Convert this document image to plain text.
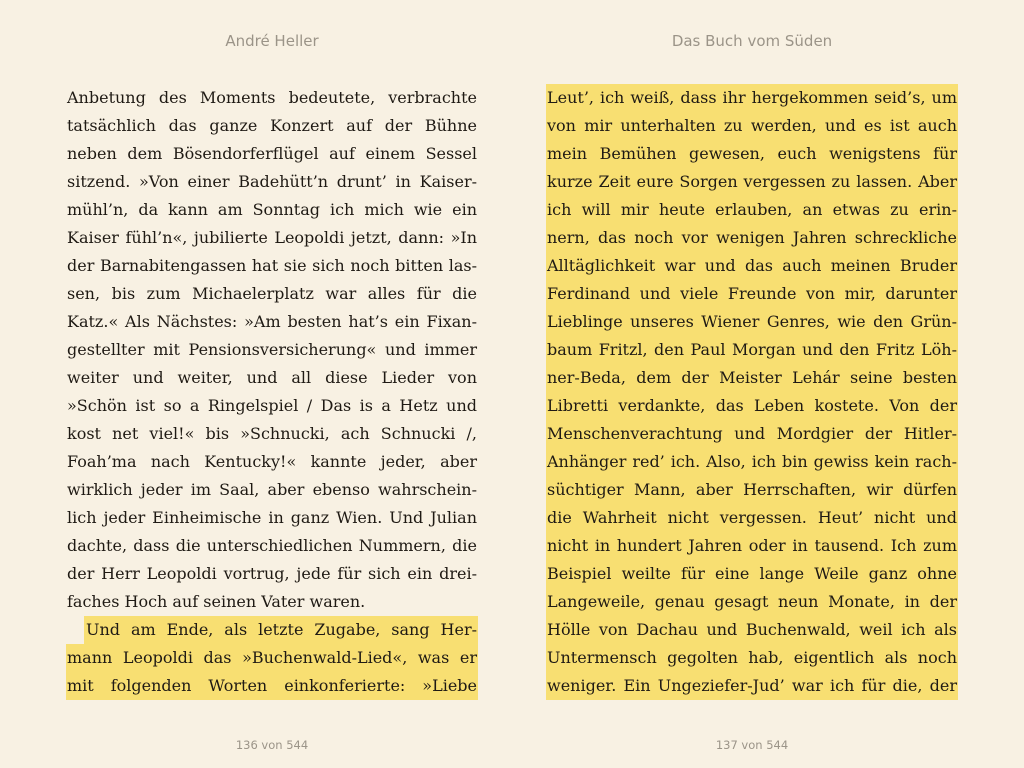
André Heller
Anbetung des Moments bedeutete, verbrachte
tatsächlich das ganze Konzert auf der Bühne
neben dem Bösendorferflügel auf einem Sessel
sitzend. »Von einer Badehütt’n drunt’ in Kaiser-
mühl’n, da kann am Sonntag ich mich wie ein
Kaiser fühl’n«, jubilierte Leopoldi jetzt, dann: »In
der Barnabitengassen hat sie sich noch bitten las-
sen, bis zum Michaelerplatz war alles für die
Katz.« Als Nächstes: »Am besten hat’s ein Fixan-
gestellter mit Pensionsversicherung« und immer
weiter und weiter, und all diese Lieder von
»Schön ist so a Ringelspiel / Das is a Hetz und
kost net viel!« bis »Schnucki, ach Schnucki /,
Foah’ma nach Kentucky!« kannte jeder, aber
wirklich jeder im Saal, aber ebenso wahrschein-
lich jeder Einheimische in ganz Wien. Und Julian
dachte, dass die unterschiedlichen Nummern, die
der Herr Leopoldi vortrug, jede für sich ein drei-
faches Hoch auf seinen Vater waren.
Und am Ende, als letzte Zugabe, sang Her-
mann Leopoldi das »Buchenwald-Lied«, was er
mit folgenden Worten einkonferierte: »Liebe
136 von 544
Das Buch vom Süden
Leut’, ich weiß, dass ihr hergekommen seid’s, um
von mir unterhalten zu werden, und es ist auch
mein Bemühen gewesen, euch wenigstens für
kurze Zeit eure Sorgen vergessen zu lassen. Aber
ich will mir heute erlauben, an etwas zu erin-
nern, das noch vor wenigen Jahren schreckliche
Alltäglichkeit war und das auch meinen Bruder
Ferdinand und viele Freunde von mir, darunter
Lieblinge unseres Wiener Genres, wie den Grün-
baum Fritzl, den Paul Morgan und den Fritz Löh-
ner-Beda, dem der Meister Lehár seine besten
Libretti verdankte, das Leben kostete. Von der
Menschenverachtung und Mordgier der Hitler-
Anhänger red’ ich. Also, ich bin gewiss kein rach-
süchtiger Mann, aber Herrschaften, wir dürfen
die Wahrheit nicht vergessen. Heut’ nicht und
nicht in hundert Jahren oder in tausend. Ich zum
Beispiel weilte für eine lange Weile ganz ohne
Langeweile, genau gesagt neun Monate, in der
Hölle von Dachau und Buchenwald, weil ich als
Untermensch gegolten hab, eigentlich als noch
weniger. Ein Ungeziefer-Jud’ war ich für die, der
137 von 544
